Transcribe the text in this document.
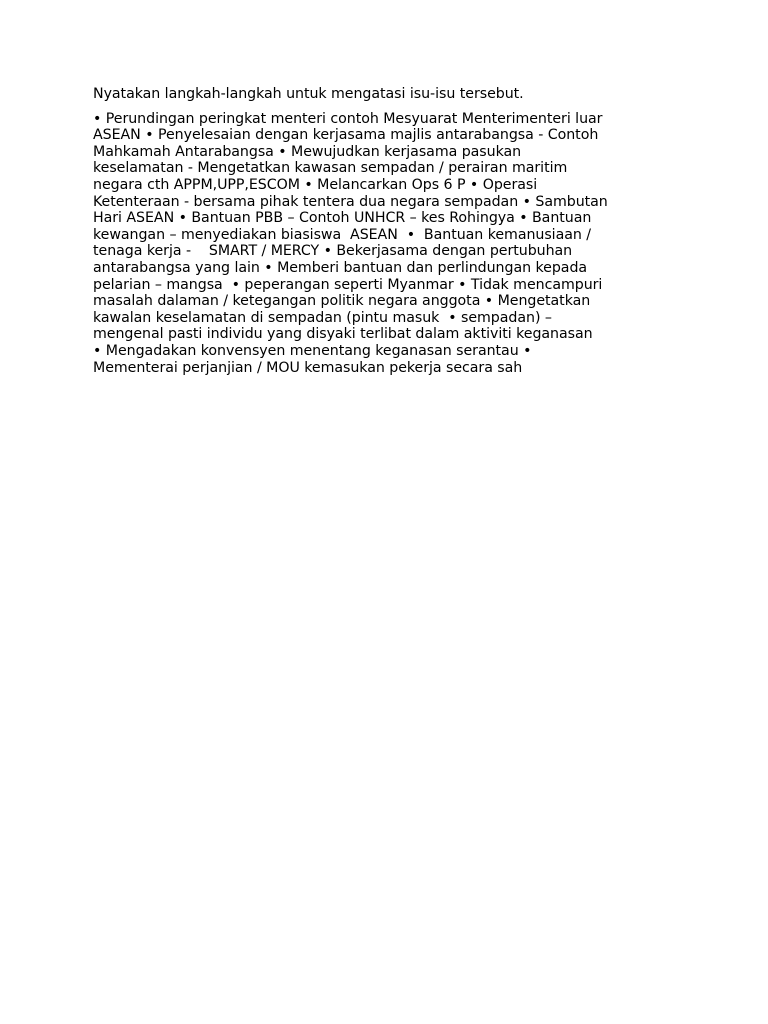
Nyatakan langkah-langkah untuk mengatasi isu-isu tersebut.

• Perundingan peringkat menteri contoh Mesyuarat Menterimenteri luar
ASEAN • Penyelesaian dengan kerjasama majlis antarabangsa - Contoh
Mahkamah Antarabangsa • Mewujudkan kerjasama pasukan
keselamatan - Mengetatkan kawasan sempadan / perairan maritim
negara cth APPM,UPP,ESCOM • Melancarkan Ops 6 P • Operasi
Ketenteraan - bersama pihak tentera dua negara sempadan • Sambutan
Hari ASEAN • Bantuan PBB – Contoh UNHCR – kes Rohingya • Bantuan
kewangan – menyediakan biasiswa  ASEAN  •  Bantuan kemanusiaan /
tenaga kerja -    SMART / MERCY • Bekerjasama dengan pertubuhan
antarabangsa yang lain • Memberi bantuan dan perlindungan kepada
pelarian – mangsa  • peperangan seperti Myanmar • Tidak mencampuri
masalah dalaman / ketegangan politik negara anggota • Mengetatkan
kawalan keselamatan di sempadan (pintu masuk  • sempadan) –
mengenal pasti individu yang disyaki terlibat dalam aktiviti keganasan
• Mengadakan konvensyen menentang keganasan serantau •
Mementerai perjanjian / MOU kemasukan pekerja secara sah
